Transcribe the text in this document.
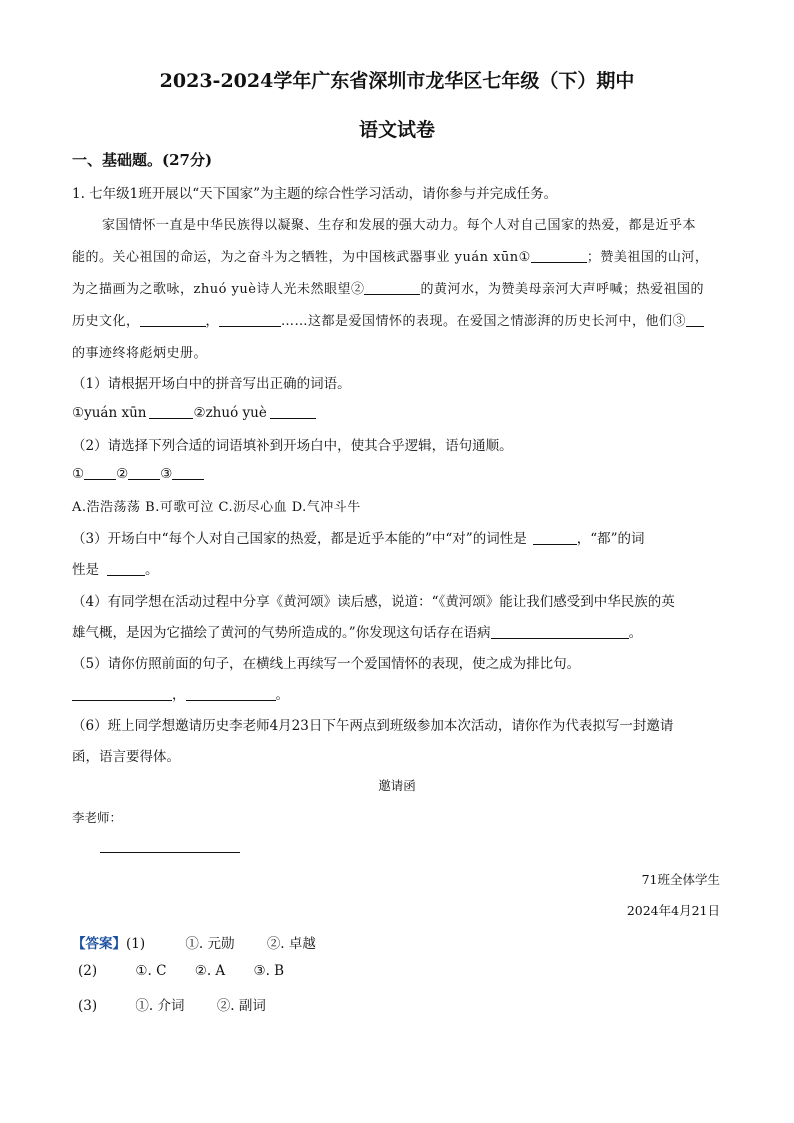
2023-2024学年广东省深圳市龙华区七年级（下）期中
语文试卷
一、基础题。(27分)
1. 七年级1班开展以“天下国家”为主题的综合性学习活动，请你参与并完成任务。
家国情怀一直是中华民族得以凝聚、生存和发展的强大动力。每个人对自己国家的热爱，都是近乎本
能的。关心祖国的命运，为之奋斗为之牺牲，为中国核武器事业 yuán xūn①	；赞美祖国的山河，
为之描画为之歌咏，zhuó yuè诗人光未然眼望②	的黄河水，为赞美母亲河大声呼喊；热爱祖国的
历史文化，	，	……这都是爱国情怀的表现。在爱国之情澎湃的历史长河中，他们③
的事迹终将彪炳史册。
（1）请根据开场白中的拼音写出正确的词语。
①yuán xūn	②zhuó yuè
（2）请选择下列合适的词语填补到开场白中，使其合乎逻辑，语句通顺。
① ② ③
A.浩浩荡荡 B.可歌可泣 C.沥尽心血 D.气冲斗牛
（3）开场白中“每个人对自己国家的热爱，都是近乎本能的”中“对”的词性是	，“都”的词
性是	。
（4）有同学想在活动过程中分享《黄河颂》读后感，说道：“《黄河颂》能让我们感受到中华民族的英
雄气概，是因为它描绘了黄河的气势所造成的。”你发现这句话存在语病	。
（5）请你仿照前面的句子，在横线上再续写一个爱国情怀的表现，使之成为排比句。
，	。
（6）班上同学想邀请历史李老师4月23日下午两点到班级参加本次活动，请你作为代表拟写一封邀请
函，语言要得体。
邀请函
李老师：
71班全体学生
2024年4月21日
【答案】(1)	①. 元勋 ②. 卓越
(2)	①. C ②. A ③. B
(3)	①. 介词 ②. 副词
